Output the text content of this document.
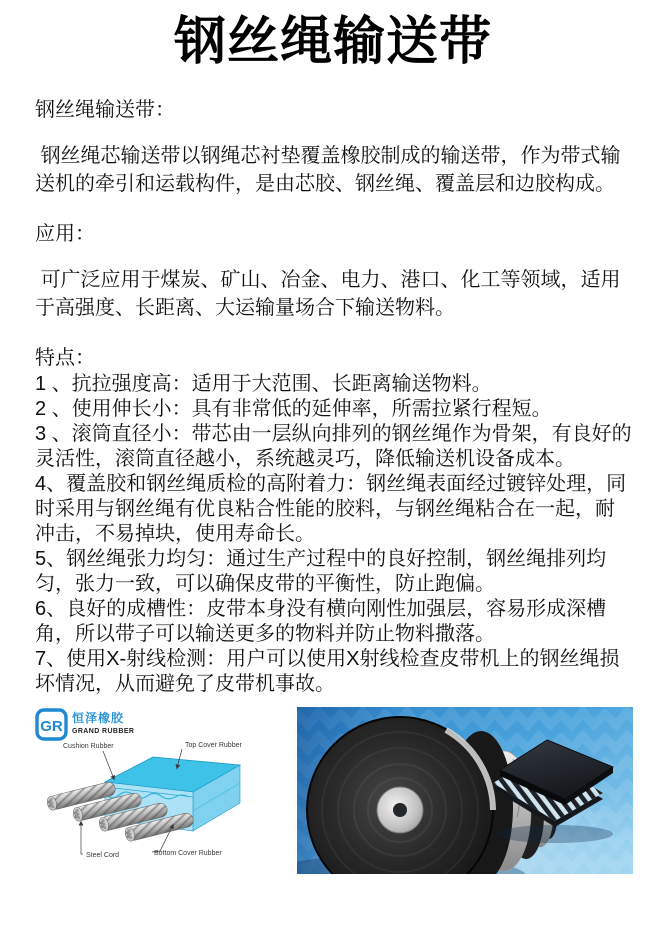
钢丝绳输送带
钢丝绳输送带：
钢丝绳芯输送带以钢绳芯衬垫覆盖橡胶制成的输送带，作为带式输送机的牵引和运载构件，是由芯胶、钢丝绳、覆盖层和边胶构成。
应用：
可广泛应用于煤炭、矿山、冶金、电力、港口、化工等领域，适用于高强度、长距离、大运输量场合下输送物料。
特点：
1 、抗拉强度高：适用于大范围、长距离输送物料。
2 、使用伸长小：具有非常低的延伸率，所需拉紧行程短。
3 、滚筒直径小：带芯由一层纵向排列的钢丝绳作为骨架，有良好的灵活性，滚筒直径越小，系统越灵巧，降低输送机设备成本。
4、覆盖胶和钢丝绳质检的高附着力：钢丝绳表面经过镀锌处理，同时采用与钢丝绳有优良粘合性能的胶料，与钢丝绳粘合在一起，耐冲击，不易掉块，使用寿命长。
5、钢丝绳张力均匀：通过生产过程中的良好控制，钢丝绳排列均匀，张力一致，可以确保皮带的平衡性，防止跑偏。
6、良好的成槽性：皮带本身没有横向刚性加强层，容易形成深槽角，所以带子可以输送更多的物料并防止物料撒落。
7、使用X-射线检测：用户可以使用X射线检查皮带机上的钢丝绳损坏情况，从而避免了皮带机事故。
GR 恒泽橡胶
GRAND RUBBER
Cushion Rubber	Top Cover Rubber
Steel Cord	Bottom Cover Rubber
